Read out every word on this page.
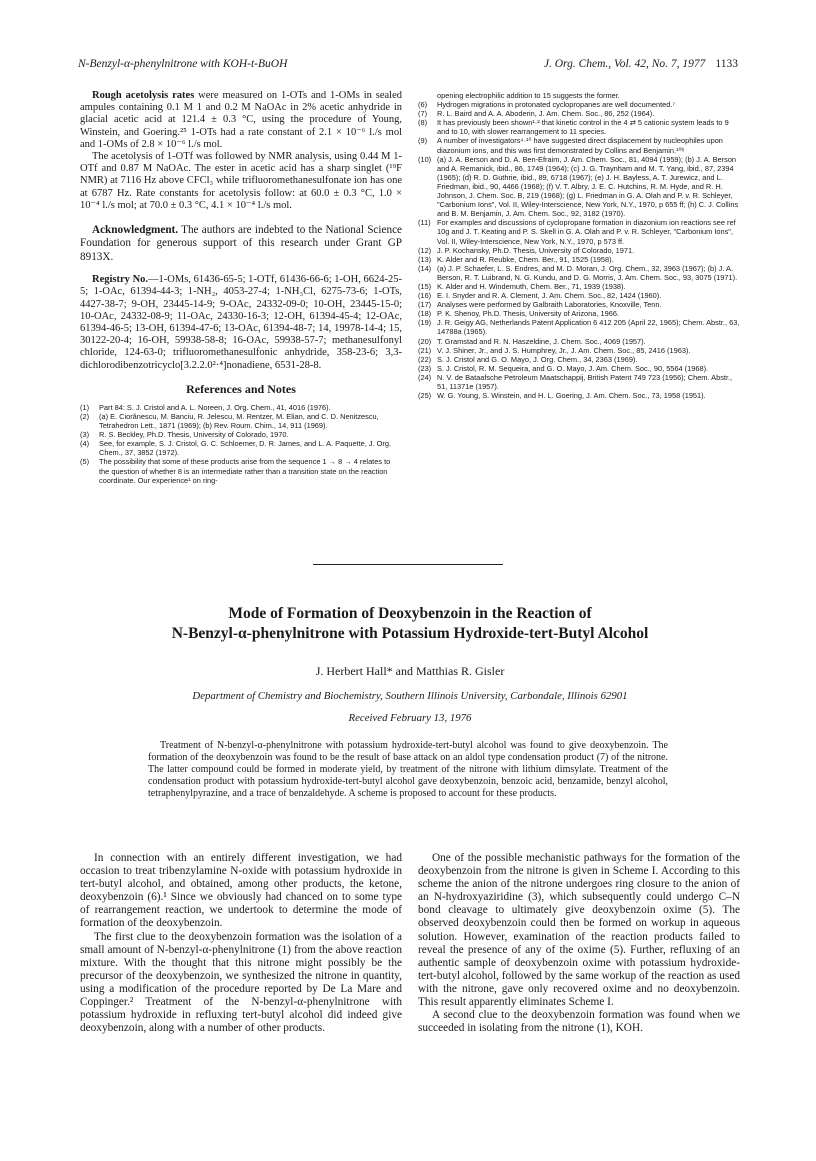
N-Benzyl-α-phenylnitrone with KOH-t-BuOH	J. Org. Chem., Vol. 42, No. 7, 1977 1133

Rough acetolysis rates were measured on 1-OTs and 1-OMs in sealed ampules containing 0.1 M 1 and 0.2 M NaOAc in 2% acetic anhydride in glacial acetic acid at 121.4 ± 0.3 °C, using the procedure of Young, Winstein, and Goering.²⁵ 1-OTs had a rate constant of 2.1 × 10⁻⁶ l./s mol and 1-OMs of 2.8 × 10⁻⁶ l./s mol.

The acetolysis of 1-OTf was followed by NMR analysis, using 0.44 M 1-OTf and 0.87 M NaOAc. The ester in acetic acid has a sharp singlet (¹⁹F NMR) at 7116 Hz above CFCl₃ while trifluoromethanesulfonate ion has one at 6787 Hz. Rate constants for acetolysis follow: at 60.0 ± 0.3 °C, 1.0 × 10⁻⁴ l./s mol; at 70.0 ± 0.3 °C, 4.1 × 10⁻⁴ l./s mol.

Acknowledgment. The authors are indebted to the National Science Foundation for generous support of this research under Grant GP 8913X.

Registry No.—1-OMs, 61436-65-5; 1-OTf, 61436-66-6; 1-OH, 6624-25-5; 1-OAc, 61394-44-3; 1-NH₂, 4053-27-4; 1-NH₃Cl, 6275-73-6; 1-OTs, 4427-38-7; 9-OH, 23445-14-9; 9-OAc, 24332-09-0; 10-OH, 23445-15-0; 10-OAc, 24332-08-9; 11-OAc, 24330-16-3; 12-OH, 61394-45-4; 12-OAc, 61394-46-5; 13-OH, 61394-47-6; 13-OAc, 61394-48-7; 14, 19978-14-4; 15, 30122-20-4; 16-OH, 59938-58-8; 16-OAc, 59938-57-7; methanesulfonyl chloride, 124-63-0; trifluoromethanesulfonic anhydride, 358-23-6; 3,3-dichlorodibenzotricyclo[3.2.2.0²·⁴]nonadiene, 6531-28-8.

References and Notes

(1) Part 84: S. J. Cristol and A. L. Noreen, J. Org. Chem., 41, 4016 (1976).
(2) (a) E. Ciorănescu, M. Banciu, R. Jelescu, M. Rentzer, M. Elian, and C. D. Nenitzescu, Tetrahedron Lett., 1871 (1969); (b) Rev. Roum. Chim., 14, 911 (1969).
(3) R. S. Beckley, Ph.D. Thesis, University of Colorado, 1970.
(4) See, for example, S. J. Cristol, G. C. Schloemer, D. R. James, and L. A. Paquette, J. Org. Chem., 37, 3852 (1972).
(5) The possibility that some of these products arise from the sequence 1 → 8 → 4 relates to the question of whether 8 is an intermediate rather than a transition state on the reaction coordinate. Our experience¹ on ring-
opening electrophilic addition to 15 suggests the former.
(6) Hydrogen migrations in protonated cyclopropanes are well documented.⁷
(7) R. L. Baird and A. A. Aboderin, J. Am. Chem. Soc., 86, 252 (1964).
(8) It has previously been shown¹·² that kinetic control in the 4 ⇄ 5 cationic system leads to 9 and to 10, with slower rearrangement to 11 species.
(9) A number of investigators⁴·¹⁰ have suggested direct displacement by nucleophiles upon diazonium ions, and this was first demonstrated by Collins and Benjamin.¹⁰ʰ
(10) (a) J. A. Berson and D. A. Ben-Efraim, J. Am. Chem. Soc., 81, 4094 (1959); (b) J. A. Berson and A. Remanick, ibid., 86, 1749 (1964); (c) J. G. Traynham and M. T. Yang, ibid., 87, 2394 (1965); (d) R. D. Guthrie, ibid., 89, 6718 (1967); (e) J. H. Bayless, A. T. Jurewicz, and L. Friedman, ibid., 90, 4466 (1968); (f) V. T. Albry, J. E. C. Hutchins, R. M. Hyde, and R. H. Johnson, J. Chem. Soc. B, 219 (1968); (g) L. Friedman in G. A. Olah and P. v. R. Schleyer, "Carbonium Ions", Vol. II, Wiley-Interscience, New York, N.Y., 1970, p 655 ff; (h) C. J. Collins and B. M. Benjamin, J. Am. Chem. Soc., 92, 3182 (1970).
(11) For examples and discussions of cyclopropane formation in diazonium ion reactions see ref 10g and J. T. Keating and P. S. Skell in G. A. Olah and P. v. R. Schleyer, "Carbonium Ions", Vol. II, Wiley-Interscience, New York, N.Y., 1970, p 573 ff.
(12) J. P. Kochansky, Ph.D. Thesis, University of Colorado, 1971.
(13) K. Alder and R. Reubke, Chem. Ber., 91, 1525 (1958).
(14) (a) J. P. Schaefer, L. S. Endres, and M. D. Moran, J. Org. Chem., 32, 3963 (1967); (b) J. A. Berson, R. T. Luibrand, N. G. Kundu, and D. G. Morris, J. Am. Chem. Soc., 93, 3075 (1971).
(15) K. Alder and H. Windemuth, Chem. Ber., 71, 1939 (1938).
(16) E. I. Snyder and R. A. Clement, J. Am. Chem. Soc., 82, 1424 (1960).
(17) Analyses were performed by Galbraith Laboratories, Knoxville, Tenn.
(18) P. K. Shenoy, Ph.D. Thesis, University of Arizona, 1966.
(19) J. R. Geigy AG, Netherlands Patent Application 6 412 205 (April 22, 1965); Chem. Abstr., 63, 14788a (1965).
(20) T. Gramstad and R. N. Haszeldine, J. Chem. Soc., 4069 (1957).
(21) V. J. Shiner, Jr., and J. S. Humphrey, Jr., J. Am. Chem. Soc., 85, 2416 (1963).
(22) S. J. Cristol and G. O. Mayo, J. Org. Chem., 34, 2363 (1969).
(23) S. J. Cristol, R. M. Sequeira, and G. O. Mayo, J. Am. Chem. Soc., 90, 5564 (1968).
(24) N. V. de Bataafsche Petroleum Maatschappij, British Patent 749 723 (1956); Chem. Abstr., 51, 11371e (1957).
(25) W. G. Young, S. Winstein, and H. L. Goering, J. Am. Chem. Soc., 73, 1958 (1951).

Mode of Formation of Deoxybenzoin in the Reaction of

N-Benzyl-α-phenylnitrone with Potassium Hydroxide-tert-Butyl Alcohol

J. Herbert Hall* and Matthias R. Gisler

Department of Chemistry and Biochemistry, Southern Illinois University, Carbondale, Illinois 62901

Received February 13, 1976

Treatment of N-benzyl-α-phenylnitrone with potassium hydroxide-tert-butyl alcohol was found to give deoxybenzoin. The formation of the deoxybenzoin was found to be the result of base attack on an aldol type condensation product (7) of the nitrone. The latter compound could be formed in moderate yield, by treatment of the nitrone with lithium dimsylate. Treatment of the condensation product with potassium hydroxide-tert-butyl alcohol gave deoxybenzoin, benzoic acid, benzamide, benzyl alcohol, tetraphenylpyrazine, and a trace of benzaldehyde. A scheme is proposed to account for these products.

In connection with an entirely different investigation, we had occasion to treat tribenzylamine N-oxide with potassium hydroxide in tert-butyl alcohol, and obtained, among other products, the ketone, deoxybenzoin (6).¹ Since we obviously had chanced on to some type of rearrangement reaction, we undertook to determine the mode of formation of the deoxybenzoin.

The first clue to the deoxybenzoin formation was the isolation of a small amount of N-benzyl-α-phenylnitrone (1) from the above reaction mixture. With the thought that this nitrone might possibly be the precursor of the deoxybenzoin, we synthesized the nitrone in quantity, using a modification of the procedure reported by De La Mare and Coppinger.² Treatment of the N-benzyl-α-phenylnitrone with potassium hydroxide in refluxing tert-butyl alcohol did indeed give deoxybenzoin, along with a number of other products.

One of the possible mechanistic pathways for the formation of the deoxybenzoin from the nitrone is given in Scheme I. According to this scheme the anion of the nitrone undergoes ring closure to the anion of an N-hydroxyaziridine (3), which subsequently could undergo C–N bond cleavage to ultimately give deoxybenzoin oxime (5). The observed deoxybenzoin could then be formed on workup in aqueous solution. However, examination of the reaction products failed to reveal the presence of any of the oxime (5). Further, refluxing of an authentic sample of deoxybenzoin oxime with potassium hydroxide-tert-butyl alcohol, followed by the same workup of the reaction as used with the nitrone, gave only recovered oxime and no deoxybenzoin. This result apparently eliminates Scheme I.

A second clue to the deoxybenzoin formation was found when we succeeded in isolating from the nitrone (1), KOH.
